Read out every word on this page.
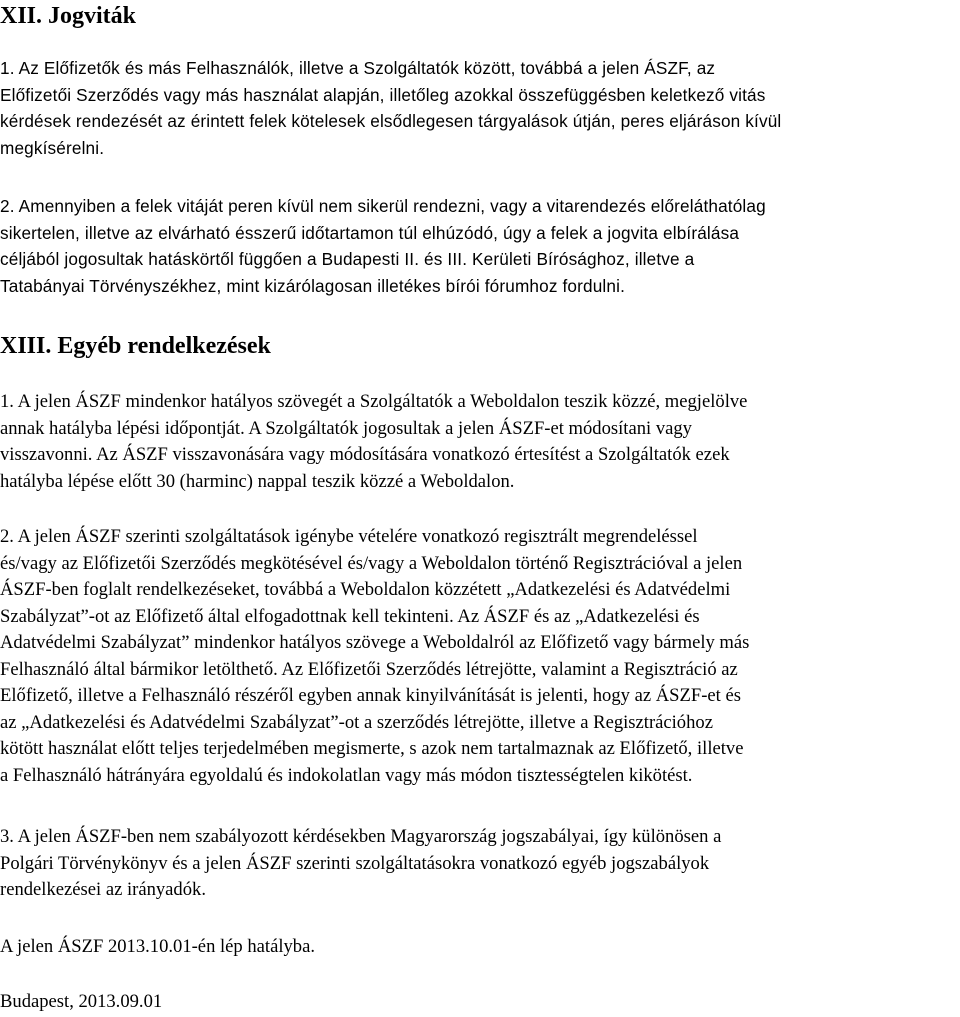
XII. Jogviták
1. Az Előfizetők és más Felhasználók, illetve a Szolgáltatók között, továbbá a jelen ÁSZF, az
Előfizetői Szerződés vagy más használat alapján, illetőleg azokkal összefüggésben keletkező vitás
kérdések rendezését az érintett felek kötelesek elsődlegesen tárgyalások útján, peres eljáráson kívül
megkísérelni.
2. Amennyiben a felek vitáját peren kívül nem sikerül rendezni, vagy a vitarendezés előreláthatólag
sikertelen, illetve az elvárható ésszerű időtartamon túl elhúzódó, úgy a felek a jogvita elbírálása
céljából jogosultak hatáskörtől függően a Budapesti II. és III. Kerületi Bírósághoz, illetve a
Tatabányai Törvényszékhez, mint kizárólagosan illetékes bírói fórumhoz fordulni.
XIII. Egyéb rendelkezések
1. A jelen ÁSZF mindenkor hatályos szövegét a Szolgáltatók a Weboldalon teszik közzé, megjelölve
annak hatályba lépési időpontját. A Szolgáltatók jogosultak a jelen ÁSZF-et módosítani vagy
visszavonni. Az ÁSZF visszavonására vagy módosítására vonatkozó értesítést a Szolgáltatók ezek
hatályba lépése előtt 30 (harminc) nappal teszik közzé a Weboldalon.
2. A jelen ÁSZF szerinti szolgáltatások igénybe vételére vonatkozó regisztrált megrendeléssel
és/vagy az Előfizetői Szerződés megkötésével és/vagy a Weboldalon történő Regisztrációval a jelen
ÁSZF-ben foglalt rendelkezéseket, továbbá a Weboldalon közzétett „Adatkezelési és Adatvédelmi
Szabályzat”-ot az Előfizető által elfogadottnak kell tekinteni. Az ÁSZF és az „Adatkezelési és
Adatvédelmi Szabályzat” mindenkor hatályos szövege a Weboldalról az Előfizető vagy bármely más
Felhasználó által bármikor letölthető. Az Előfizetői Szerződés létrejötte, valamint a Regisztráció az
Előfizető, illetve a Felhasználó részéről egyben annak kinyilvánítását is jelenti, hogy az ÁSZF-et és
az „Adatkezelési és Adatvédelmi Szabályzat”-ot a szerződés létrejötte, illetve a Regisztrációhoz
kötött használat előtt teljes terjedelmében megismerte, s azok nem tartalmaznak az Előfizető, illetve
a Felhasználó hátrányára egyoldalú és indokolatlan vagy más módon tisztességtelen kikötést.
3. A jelen ÁSZF-ben nem szabályozott kérdésekben Magyarország jogszabályai, így különösen a
Polgári Törvénykönyv és a jelen ÁSZF szerinti szolgáltatásokra vonatkozó egyéb jogszabályok
rendelkezései az irányadók.
A jelen ÁSZF 2013.10.01-én lép hatályba.
Budapest, 2013.09.01
